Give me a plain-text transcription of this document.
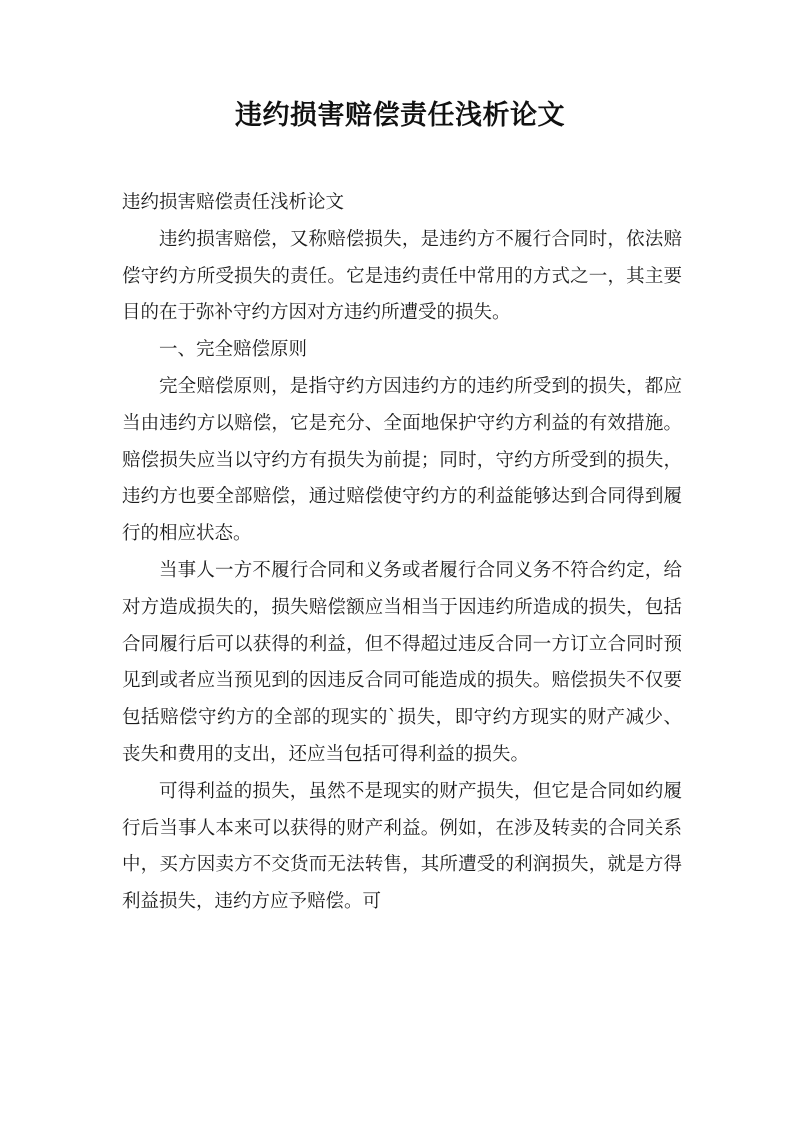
违约损害赔偿责任浅析论文

违约损害赔偿责任浅析论文

违约损害赔偿，又称赔偿损失，是违约方不履行合同时，依法赔偿守约方所受损失的责任。它是违约责任中常用的方式之一，其主要目的在于弥补守约方因对方违约所遭受的损失。

一、完全赔偿原则

完全赔偿原则，是指守约方因违约方的违约所受到的损失，都应当由违约方以赔偿，它是充分、全面地保护守约方利益的有效措施。赔偿损失应当以守约方有损失为前提；同时，守约方所受到的损失，违约方也要全部赔偿，通过赔偿使守约方的利益能够达到合同得到履行的相应状态。

当事人一方不履行合同和义务或者履行合同义务不符合约定，给对方造成损失的，损失赔偿额应当相当于因违约所造成的损失，包括合同履行后可以获得的利益，但不得超过违反合同一方订立合同时预见到或者应当预见到的因违反合同可能造成的损失。赔偿损失不仅要包括赔偿守约方的全部的现实的`损失，即守约方现实的财产减少、丧失和费用的支出，还应当包括可得利益的损失。

可得利益的损失，虽然不是现实的财产损失，但它是合同如约履行后当事人本来可以获得的财产利益。例如，在涉及转卖的合同关系中，买方因卖方不交货而无法转售，其所遭受的利润损失，就是方得利益损失，违约方应予赔偿。可
